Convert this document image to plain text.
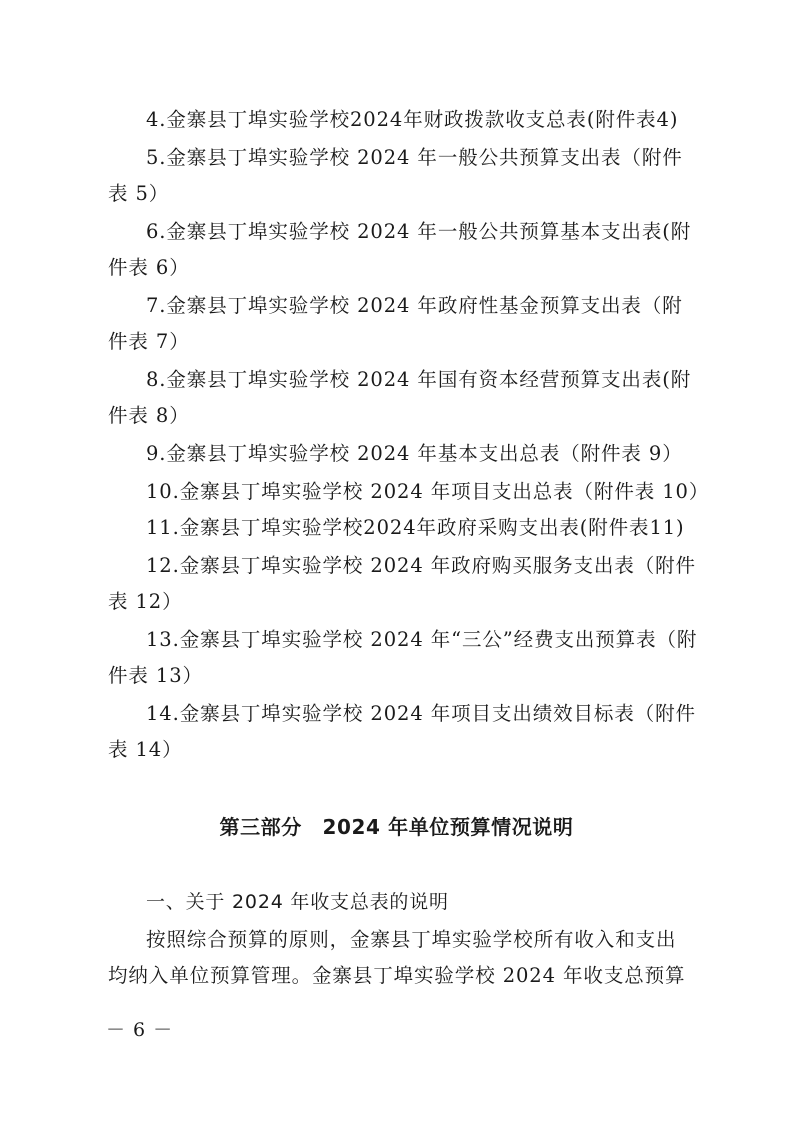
4.金寨县丁埠实验学校2024年财政拨款收支总表(附件表4)
5.金寨县丁埠实验学校 2024 年一般公共预算支出表（附件
表 5）
6.金寨县丁埠实验学校 2024 年一般公共预算基本支出表(附
件表 6）
7.金寨县丁埠实验学校 2024 年政府性基金预算支出表（附
件表 7）
8.金寨县丁埠实验学校 2024 年国有资本经营预算支出表(附
件表 8）
9.金寨县丁埠实验学校 2024 年基本支出总表（附件表 9）
10.金寨县丁埠实验学校 2024 年项目支出总表（附件表 10）
11.金寨县丁埠实验学校2024年政府采购支出表(附件表11)
12.金寨县丁埠实验学校 2024 年政府购买服务支出表（附件
表 12）
13.金寨县丁埠实验学校 2024 年“三公”经费支出预算表（附
件表 13）
14.金寨县丁埠实验学校 2024 年项目支出绩效目标表（附件
表 14）
第三部分　2024 年单位预算情况说明
一、关于 2024 年收支总表的说明
按照综合预算的原则，金寨县丁埠实验学校所有收入和支出
均纳入单位预算管理。金寨县丁埠实验学校 2024 年收支总预算
－ 6 －
